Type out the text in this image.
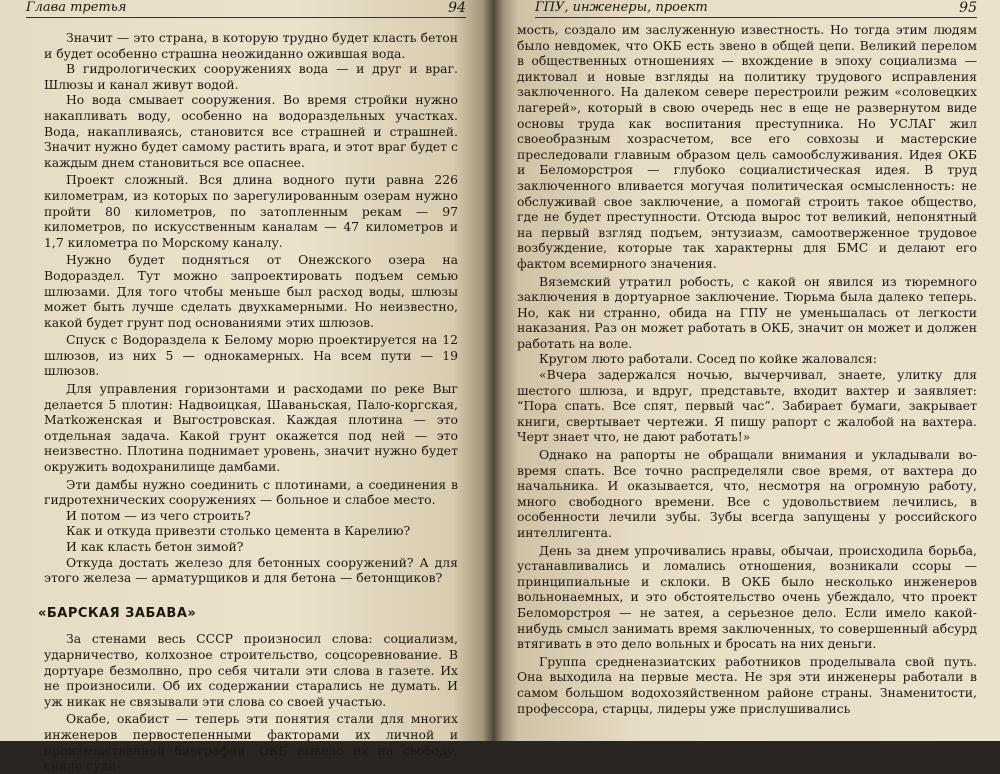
Глава третья	94

Значит — это страна, в которую трудно будет класть бетон и будет особенно страшна неожиданно ожившая вода.

В гидрологических сооружениях вода — и друг и враг. Шлюзы и канал живут водой.

Но вода смывает сооружения. Во время стройки нужно накапливать воду, особенно на водораздельных участках. Вода, накапливаясь, становится все страшней и страшней. Значит нужно будет самому растить врага, и этот враг будет с каждым днем становиться все опаснее.

Проект сложный. Вся длина водного пути равна 226 километрам, из которых по зарегулированным озерам нужно пройти 80 километров, по затопленным рекам — 97 километров, по искусственным каналам — 47 километров и 1,7 километра по Морскому каналу.

Нужно будет подняться от Онежского озера на Водораздел. Тут можно запроектировать подъем семью шлюзами. Для того чтобы меньше был расход воды, шлюзы может быть лучше сделать двухкамерными. Но неизвестно, какой будет грунт под основаниями этих шлюзов.

Спуск с Водораздела к Белому морю проектируется на 12 шлюзов, из них 5 — однокамерных. На всем пути — 19 шлюзов.

Для управления горизонтами и расходами по реке Выг делается 5 плотин: Надвоицкая, Шаваньская, Пало-коргская, Матkoженская и Выгостровская. Каждая плотина — это отдельная задача. Какой грунт окажется под ней — это неизвестно. Плотина поднимает уровень, значит нужно будет окружить водохранилище дамбами.

Эти дамбы нужно соединить с плотинами, а соединения в гидротехнических сооружениях — больное и слабое место.

И потом — из чего строить?

Как и откуда привезти столько цемента в Карелию?

И как класть бетон зимой?

Откуда достать железо для бетонных сооружений? А для этого железа — арматурщиков и для бетона — бетонщиков?

«БАРСКАЯ ЗАБАВА»

За стенами весь СССР произносил слова: социализм, ударничество, колхозное строительство, соцсоревнование. В дортуаре безмолвно, про себя читали эти слова в газете. Их не произносили. Об их содержании старались не думать. И уж никак не связывали эти слова со своей участью.

Окабе, окабист — теперь эти понятия стали для многих инженеров первостепенными факторами их личной и производственной биографии. ОКБ вывело их на свободу, сняло суди-

ГПУ, инженеры, проект	95

мость, создало им заслуженную известность. Но тогда этим людям было невдомек, что ОКБ есть звено в общей цепи. Великий перелом в общественных отношениях — вхождение в эпоху социализма — диктовал и новые взгляды на политику трудового исправления заключенного. На далеком севере перестроили режим «соловецких лагерей», который в свою очередь нес в еще не развернутом виде основы труда как воспитания преступника. Но УСЛАГ жил своеобразным хозрасчетом, все его совхозы и мастерские преследовали главным образом цель самообслуживания. Идея ОКБ и Беломорстроя — глубоко социалистическая идея. В труд заключенного вливается могучая политическая осмысленность: не обслуживай свое заключение, а помогай строить такое общество, где не будет преступности. Отсюда вырос тот великий, непонятный на первый взгляд подъем, энтузиазм, самоотверженное трудовое возбуждение, которые так характерны для БМС и делают его фактом всемирного значения.

Вяземский утратил робость, с какой он явился из тюремного заключения в дортуарное заключение. Тюрьма была далеко теперь. Но, как ни странно, обида на ГПУ не уменьшалась от легкости наказания. Раз он может работать в ОКБ, значит он может и должен работать на воле.

Кругом люто работали. Сосед по койке жаловался:

«Вчера задержался ночью, вычерчивал, знаете, улитку для шестого шлюза, и вдруг, представьте, входит вахтер и заявляет: “Пора спать. Все спят, первый час”. Забирает бумаги, закрывает книги, свертывает чертежи. Я пишу рапорт с жалобой на вахтера. Черт знает что, не дают работать!»

Однако на рапорты не обращали внимания и укладывали во-время спать. Все точно распределяли свое время, от вахтера до начальника. И оказывается, что, несмотря на огромную работу, много свободного времени. Все с удовольствием лечились, в особенности лечили зубы. Зубы всегда запущены у российского интеллигента.

День за днем упрочивались нравы, обычаи, происходила борьба, устанавливались и ломались отношения, возникали ссоры — принципиальные и склоки. В ОКБ было несколько инженеров вольнонаемных, и это обстоятельство очень убеждало, что проект Беломорстроя — не затея, а серьезное дело. Если имело какой-нибудь смысл занимать время заключенных, то совершенный абсурд втягивать в это дело вольных и бросать на них деньги.

Группа средненазиатских работников проделывала свой путь. Она выходила на первые места. Не зря эти инженеры работали в самом большом водохозяйственном районе страны. Знаменитости, профессора, старцы, лидеры уже прислушивались
